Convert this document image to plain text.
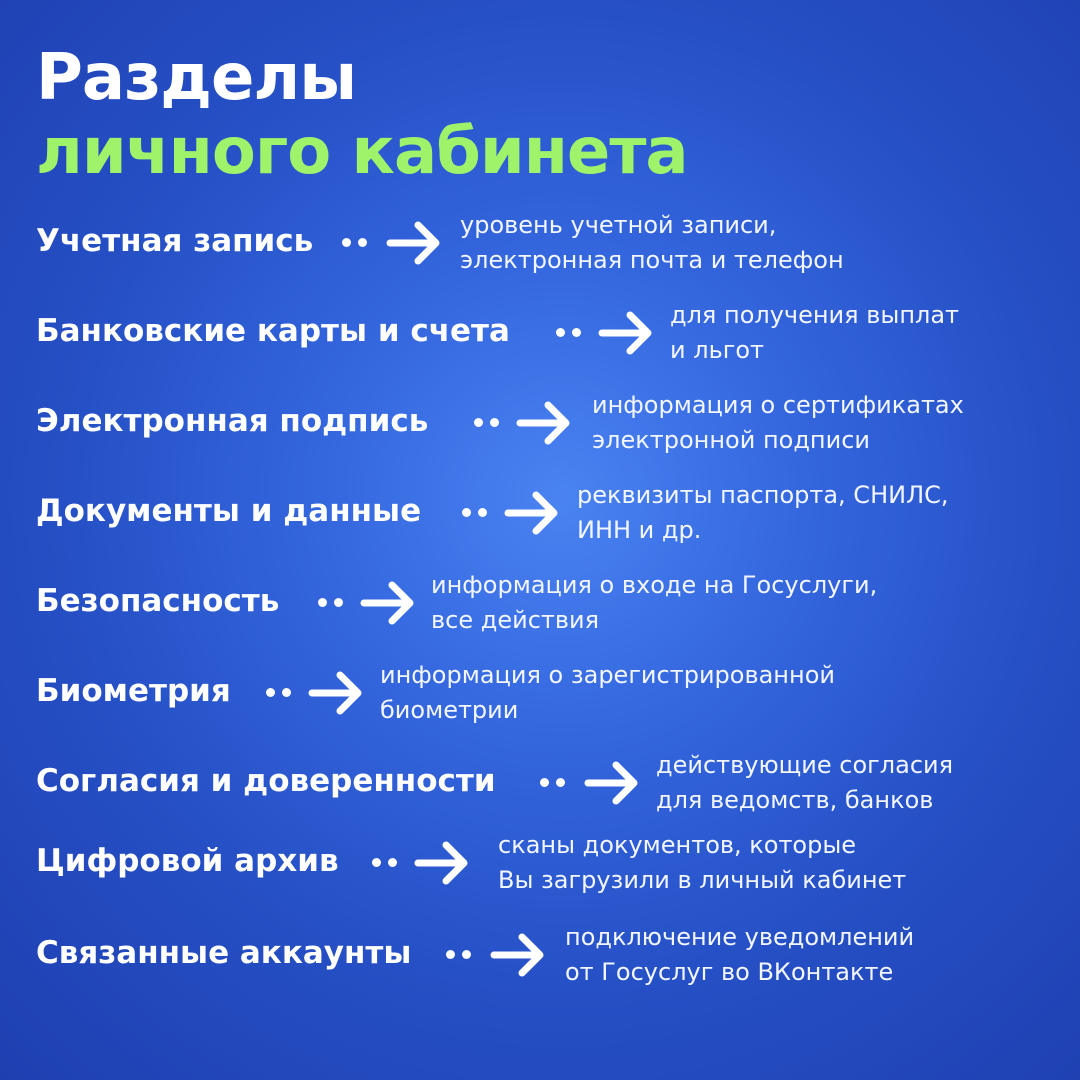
Разделы
личного кабинета
Учетная запись	уровень учетной записи,
электронная почта и телефон
Банковские карты и счета	для получения выплат
и льгот
Электронная подпись	информация о сертификатах
электронной подписи
Документы и данные	реквизиты паспорта, СНИЛС,
ИНН и др.
Безопасность	информация о входе на Госуслуги,
все действия
Биометрия	информация о зарегистрированной
биометрии
Согласия и доверенности	действующие согласия
для ведомств, банков
Цифровой архив	сканы документов, которые
Вы загрузили в личный кабинет
Связанные аккаунты	подключение уведомлений
от Госуслуг во ВКонтакте
